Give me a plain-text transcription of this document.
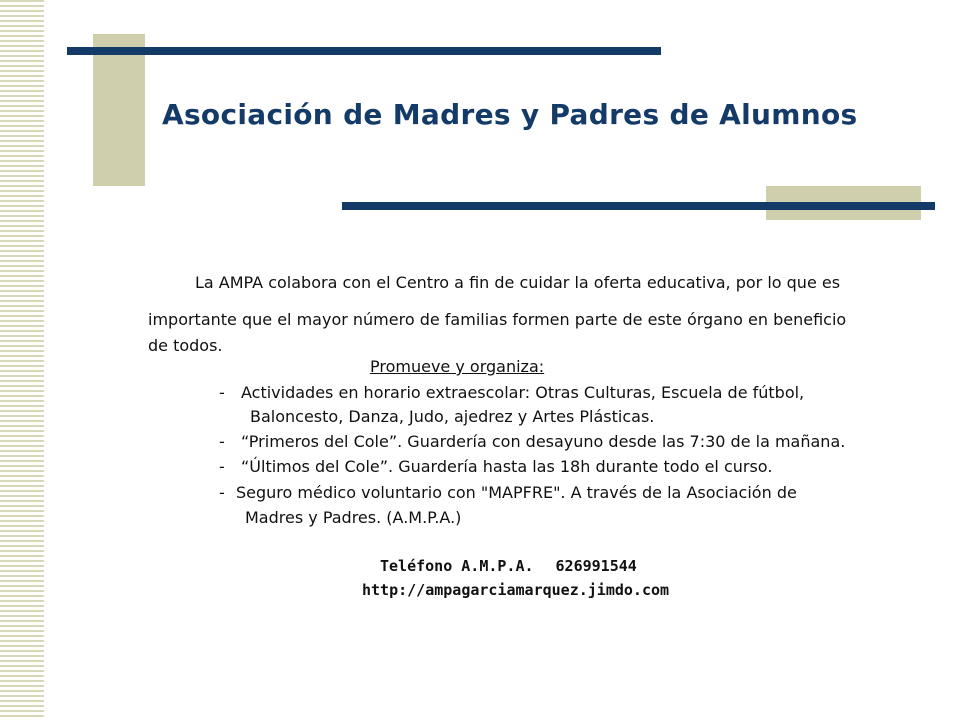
Asociación de Madres y Padres de Alumnos
La AMPA colabora con el Centro a fin de cuidar la oferta educativa, por lo que es
importante que el mayor número de familias formen parte de este órgano en beneficio
de todos.
Promueve y organiza:
- Actividades en horario extraescolar: Otras Culturas, Escuela de fútbol,
Baloncesto, Danza, Judo, ajedrez y Artes Plásticas.
- “Primeros del Cole”. Guardería con desayuno desde las 7:30 de la mañana.
- “Últimos del Cole”. Guardería hasta las 18h durante todo el curso.
- Seguro médico voluntario con "MAPFRE". A través de la Asociación de
Madres y Padres. (A.M.P.A.)
Teléfono A.M.P.A. 626991544
http://ampagarciamarquez.jimdo.com
